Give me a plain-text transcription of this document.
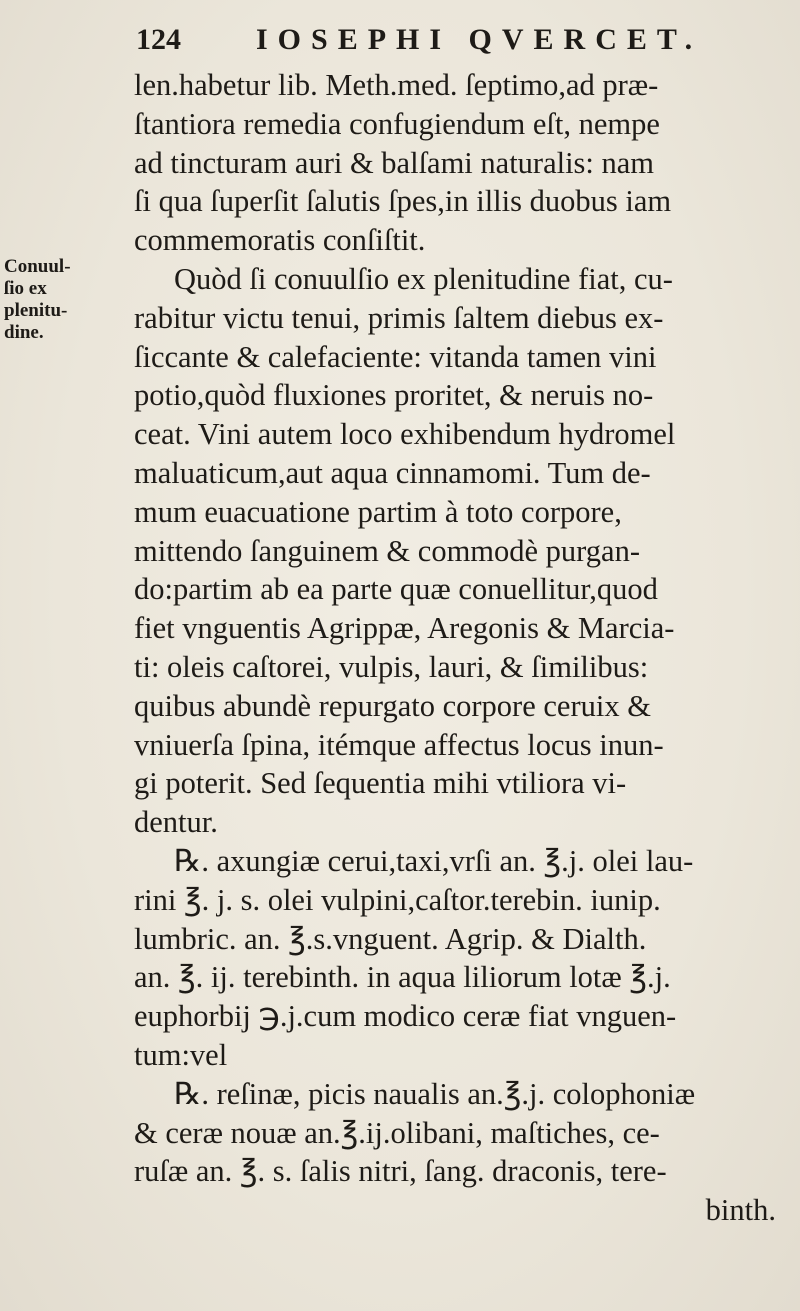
124	IOSEPHI QVERCET.
Conuul-
ſio ex
plenitu-
dine.
len.habetur lib. Meth.med. ſeptimo,ad præ-
ſtantiora remedia confugiendum eſt, nempe
ad tincturam auri & balſami naturalis: nam
ſi qua ſuperſit ſalutis ſpes,in illis duobus iam
commemoratis conſiſtit.
Quòd ſi conuulſio ex plenitudine fiat, cu-
rabitur victu tenui, primis ſaltem diebus ex-
ſiccante & calefaciente: vitanda tamen vini
potio,quòd fluxiones proritet, & neruis no-
ceat. Vini autem loco exhibendum hydromel
maluaticum,aut aqua cinnamomi. Tum de-
mum euacuatione partim à toto corpore,
mittendo ſanguinem & commodè purgan-
do:partim ab ea parte quæ conuellitur,quod
fiet vnguentis Agrippæ, Aregonis & Marcia-
ti: oleis caſtorei, vulpis, lauri, & ſimilibus:
quibus abundè repurgato corpore ceruix &
vniuerſa ſpina, itémque affectus locus inun-
gi poterit. Sed ſequentia mihi vtiliora vi-
dentur.
℞. axungiæ cerui,taxi,vrſi an. ℥.j. olei lau-
rini ℥. j. s. olei vulpini,caſtor.terebin. iunip.
lumbric. an. ℥.s.vnguent. Agrip. & Dialth.
an. ℥. ij. terebinth. in aqua liliorum lotæ ℥.j.
euphorbij ℈.j.cum modico ceræ fiat vnguen-
tum:vel
℞. reſinæ, picis naualis an.℥.j. colophoniæ
& ceræ nouæ an.℥.ij.olibani, maſtiches, ce-
ruſæ an. ℥. s. ſalis nitri, ſang. draconis, tere-
binth.
